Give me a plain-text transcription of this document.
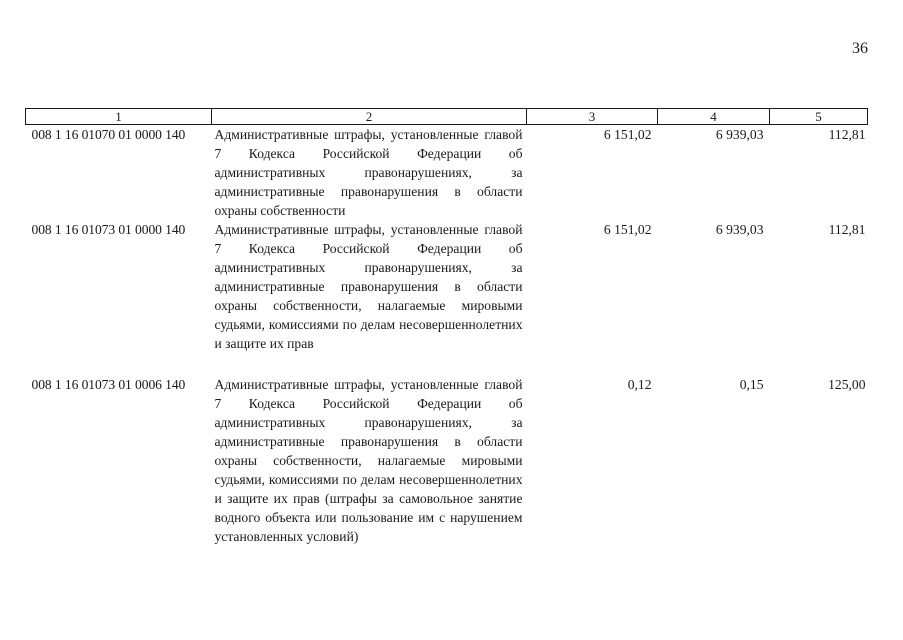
36
1	2	3	4	5
008 1 16 01070 01 0000 140	Административные штрафы, установленные главой 7 Кодекса Российской Федерации об административных правонарушениях, за административные правонарушения в области охраны собственности	6 151,02	6 939,03	112,81
008 1 16 01073 01 0000 140	Административные штрафы, установленные главой 7 Кодекса Российской Федерации об административных правонарушениях, за административные правонарушения в области охраны собственности, налагаемые мировыми судьями, комиссиями по делам несовершеннолетних и защите их прав	6 151,02	6 939,03	112,81

008 1 16 01073 01 0006 140	Административные штрафы, установленные главой 7 Кодекса Российской Федерации об административных правонарушениях, за административные правонарушения в области охраны собственности, налагаемые мировыми судьями, комиссиями по делам несовершеннолетних и защите их прав (штрафы за самовольное занятие водного объекта или пользование им с нарушением установленных условий)	0,12	0,15	125,00
